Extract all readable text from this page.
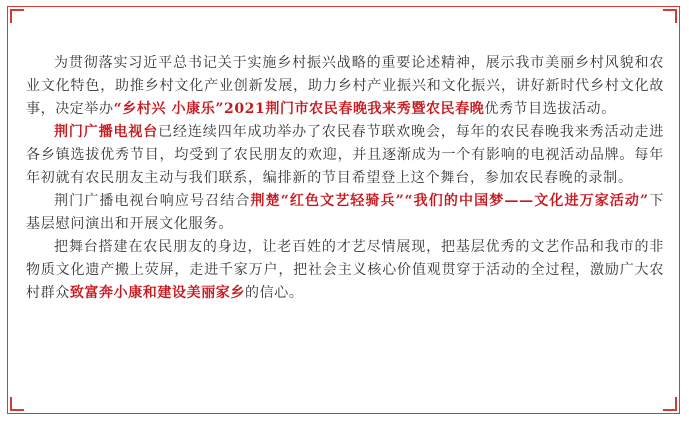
为贯彻落实习近平总书记关于实施乡村振兴战略的重要论述精神，展示我市美丽乡村风貌和农业文化特色，助推乡村文化产业创新发展，助力乡村产业振兴和文化振兴，讲好新时代乡村文化故事，决定举办“乡村兴 小康乐”2021荆门市农民春晚我来秀暨农民春晚优秀节目选拔活动。

荆门广播电视台已经连续四年成功举办了农民春节联欢晚会，每年的农民春晚我来秀活动走进各乡镇选拔优秀节目，均受到了农民朋友的欢迎，并且逐渐成为一个有影响的电视活动品牌。每年年初就有农民朋友主动与我们联系，编排新的节目希望登上这个舞台，参加农民春晚的录制。

荆门广播电视台响应号召结合荆楚“红色文艺轻骑兵”“我们的中国梦——文化进万家活动”下基层慰问演出和开展文化服务。

把舞台搭建在农民朋友的身边，让老百姓的才艺尽情展现，把基层优秀的文艺作品和我市的非物质文化遗产搬上荧屏，走进千家万户，把社会主义核心价值观贯穿于活动的全过程，激励广大农村群众致富奔小康和建设美丽家乡的信心。
